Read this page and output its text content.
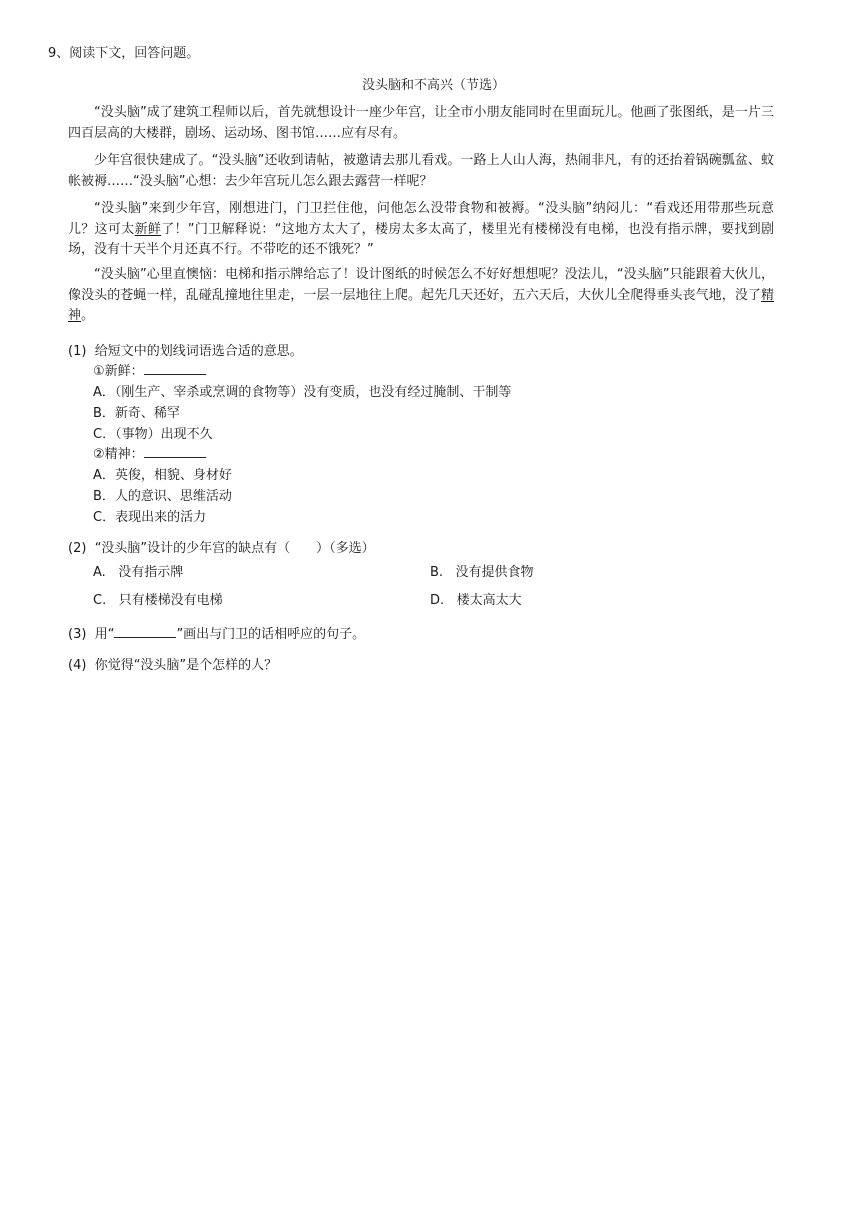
9、阅读下文，回答问题。
没头脑和不高兴（节选）
“没头脑”成了建筑工程师以后，首先就想设计一座少年宫，让全市小朋友能同时在里面玩儿。他画了张图纸，是一片三四百层高的大楼群，剧场、运动场、图书馆……应有尽有。
少年宫很快建成了。“没头脑”还收到请帖，被邀请去那儿看戏。一路上人山人海，热闹非凡，有的还抬着锅碗瓢盆、蚊帐被褥……“没头脑”心想：去少年宫玩儿怎么跟去露营一样呢？
“没头脑”来到少年宫，刚想进门，门卫拦住他，问他怎么没带食物和被褥。“没头脑”纳闷儿：“看戏还用带那些玩意儿？这可太新鲜了！”门卫解释说：“这地方太大了，楼房太多太高了，楼里光有楼梯没有电梯，也没有指示牌，要找到剧场，没有十天半个月还真不行。不带吃的还不饿死？”
“没头脑”心里直懊恼：电梯和指示牌给忘了！设计图纸的时候怎么不好好想想呢？没法儿，“没头脑”只能跟着大伙儿，像没头的苍蝇一样，乱碰乱撞地往里走，一层一层地往上爬。起先几天还好，五六天后，大伙儿全爬得垂头丧气地，没了精神。
(1) 给短文中的划线词语选合适的意思。
①新鲜：
A．（刚生产、宰杀或烹调的食物等）没有变质，也没有经过腌制、干制等
B．新奇、稀罕
C．（事物）出现不久
②精神：
A．英俊，相貌、身材好
B．人的意识、思维活动
C．表现出来的活力
(2) “没头脑”设计的少年宫的缺点有（　　）（多选）
A. 没有指示牌	B. 没有提供食物
C. 只有楼梯没有电梯	D. 楼太高太大
(3) 用“	”画出与门卫的话相呼应的句子。
(4) 你觉得“没头脑”是个怎样的人？
